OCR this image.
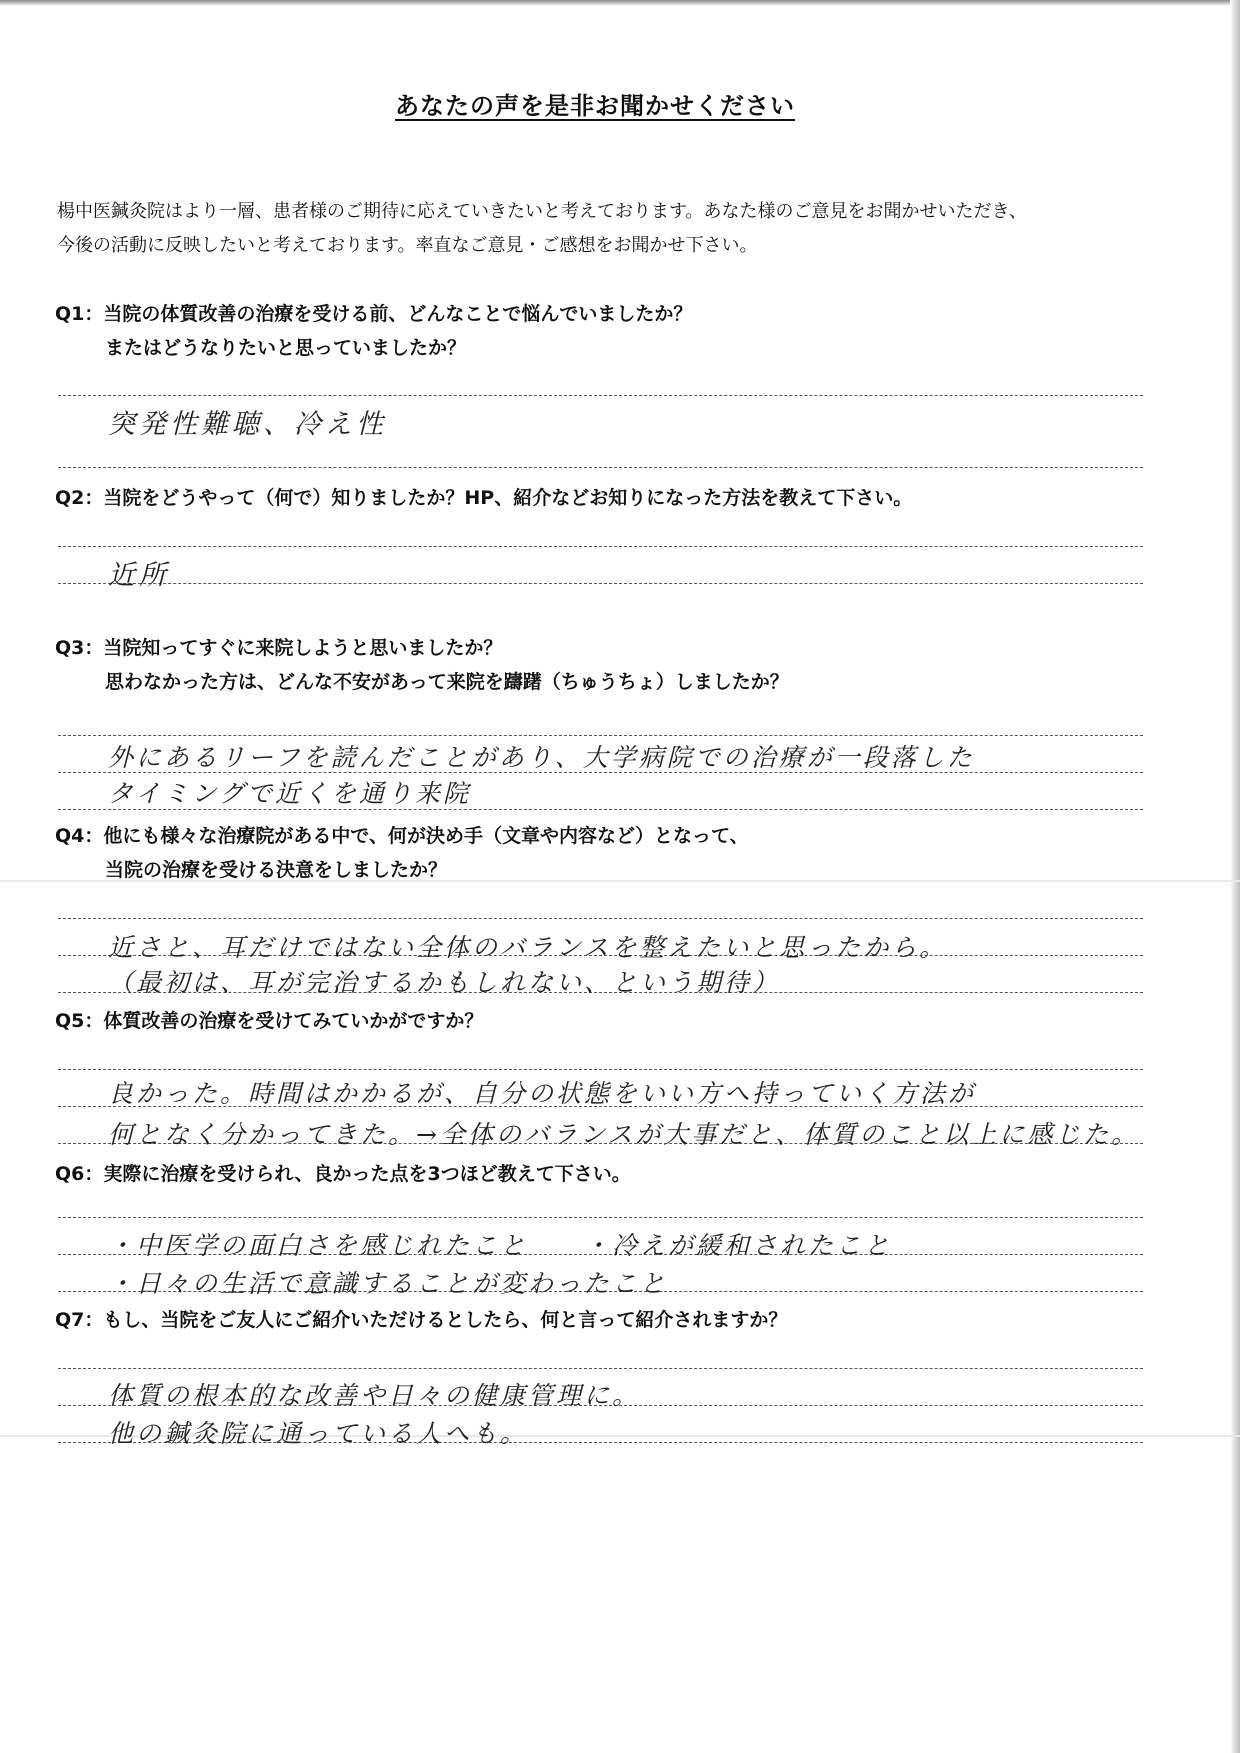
あなたの声を是非お聞かせください
楊中医鍼灸院はより一層、患者様のご期待に応えていきたいと考えております。あなた様のご意見をお聞かせいただき、
今後の活動に反映したいと考えております。率直なご意見・ご感想をお聞かせ下さい。
Q1：当院の体質改善の治療を受ける前、どんなことで悩んでいましたか？
またはどうなりたいと思っていましたか？
突発性難聴、冷え性
Q2：当院をどうやって（何で）知りましたか？HP、紹介などお知りになった方法を教えて下さい。
近所
Q3：当院知ってすぐに来院しようと思いましたか？
思わなかった方は、どんな不安があって来院を躊躇（ちゅうちょ）しましたか？
外にあるリーフを読んだことがあり、大学病院での治療が一段落した
タイミングで近くを通り来院
Q4：他にも様々な治療院がある中で、何が決め手（文章や内容など）となって、
当院の治療を受ける決意をしましたか？
近さと、耳だけではない全体のバランスを整えたいと思ったから。
（最初は、耳が完治するかもしれない、という期待）
Q5：体質改善の治療を受けてみていかがですか？
良かった。時間はかかるが、自分の状態をいい方へ持っていく方法が
何となく分かってきた。→全体のバランスが大事だと、体質のこと以上に感じた。
Q6：実際に治療を受けられ、良かった点を3つほど教えて下さい。
・中医学の面白さを感じれたこと　　・冷えが緩和されたこと
・日々の生活で意識することが変わったこと
Q7：もし、当院をご友人にご紹介いただけるとしたら、何と言って紹介されますか？
体質の根本的な改善や日々の健康管理に。
他の鍼灸院に通っている人へも。
